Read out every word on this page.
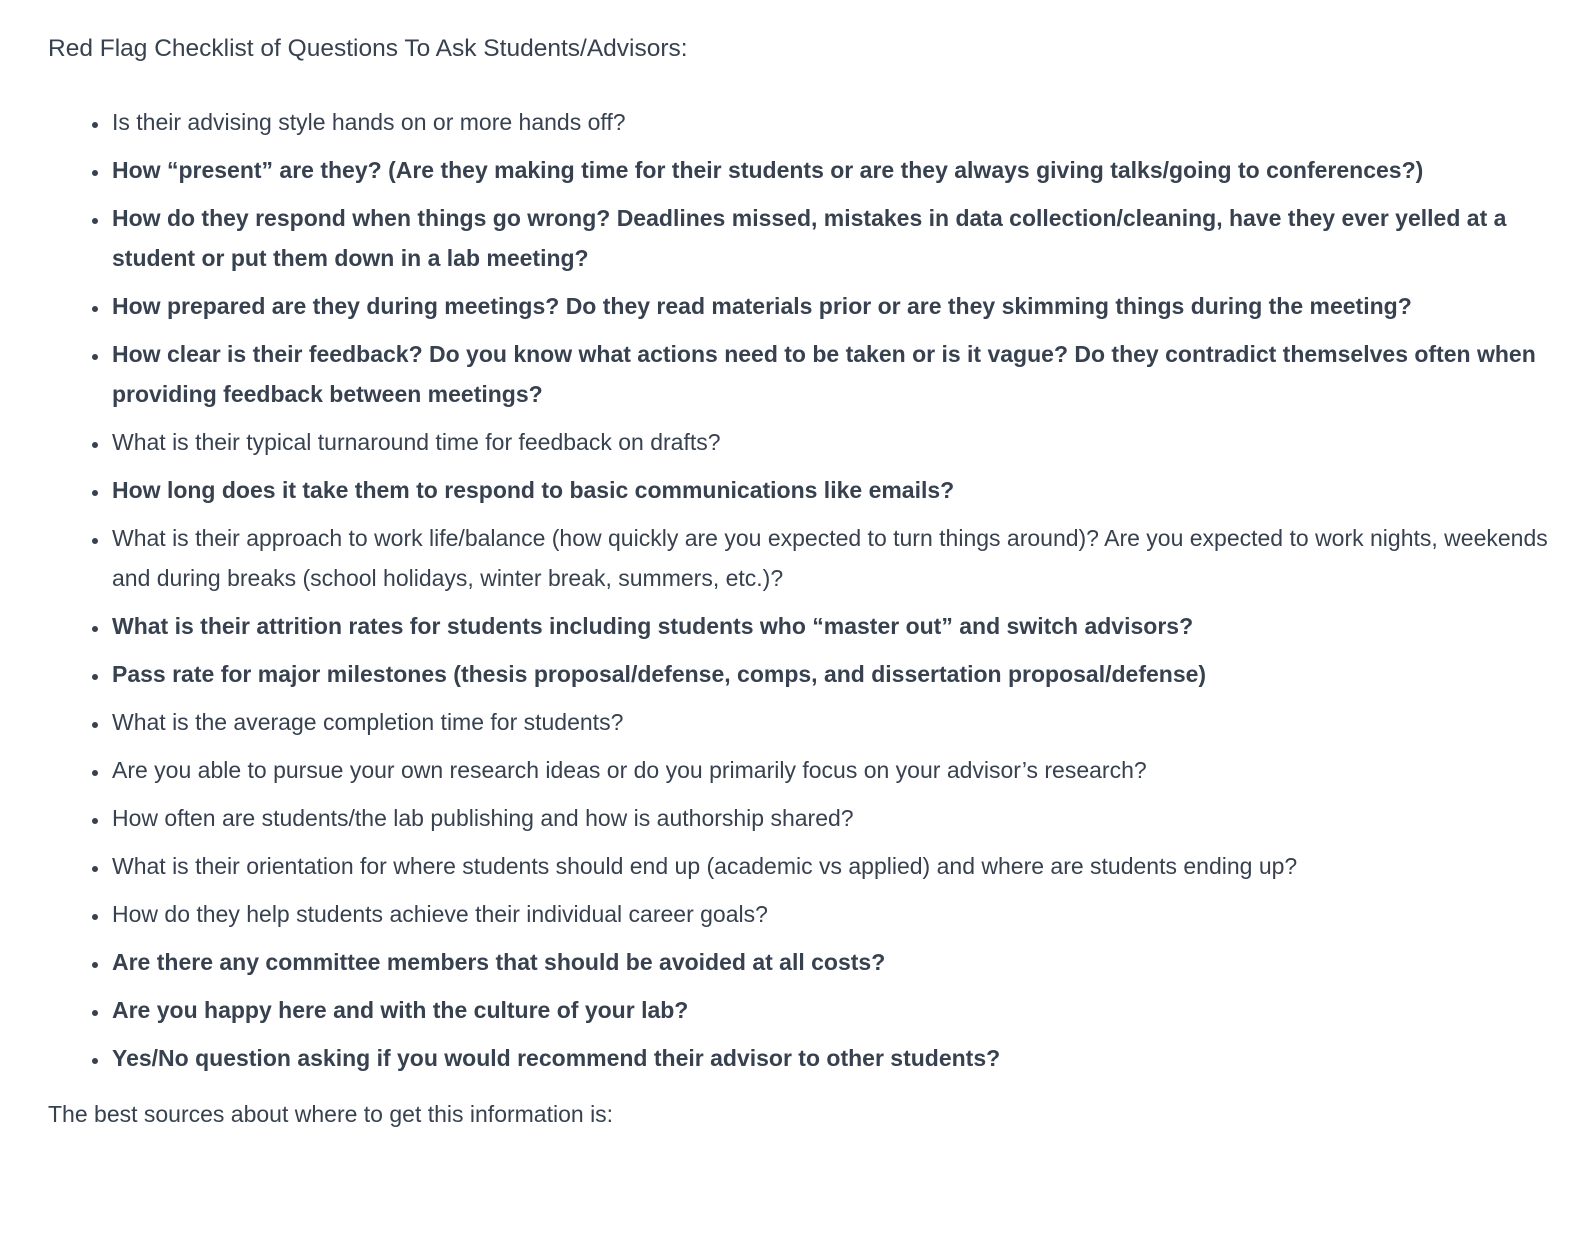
Red Flag Checklist of Questions To Ask Students/Advisors:
• Is their advising style hands on or more hands off?
• How “present” are they? (Are they making time for their students or are they always giving talks/going to conferences?)
• How do they respond when things go wrong? Deadlines missed, mistakes in data collection/cleaning, have they ever yelled at a student or put them down in a lab meeting?
• How prepared are they during meetings? Do they read materials prior or are they skimming things during the meeting?
• How clear is their feedback? Do you know what actions need to be taken or is it vague? Do they contradict themselves often when providing feedback between meetings?
• What is their typical turnaround time for feedback on drafts?
• How long does it take them to respond to basic communications like emails?
• What is their approach to work life/balance (how quickly are you expected to turn things around)? Are you expected to work nights, weekends and during breaks (school holidays, winter break, summers, etc.)?
• What is their attrition rates for students including students who “master out” and switch advisors?
• Pass rate for major milestones (thesis proposal/defense, comps, and dissertation proposal/defense)
• What is the average completion time for students?
• Are you able to pursue your own research ideas or do you primarily focus on your advisor’s research?
• How often are students/the lab publishing and how is authorship shared?
• What is their orientation for where students should end up (academic vs applied) and where are students ending up?
• How do they help students achieve their individual career goals?
• Are there any committee members that should be avoided at all costs?
• Are you happy here and with the culture of your lab?
• Yes/No question asking if you would recommend their advisor to other students?

The best sources about where to get this information is:
